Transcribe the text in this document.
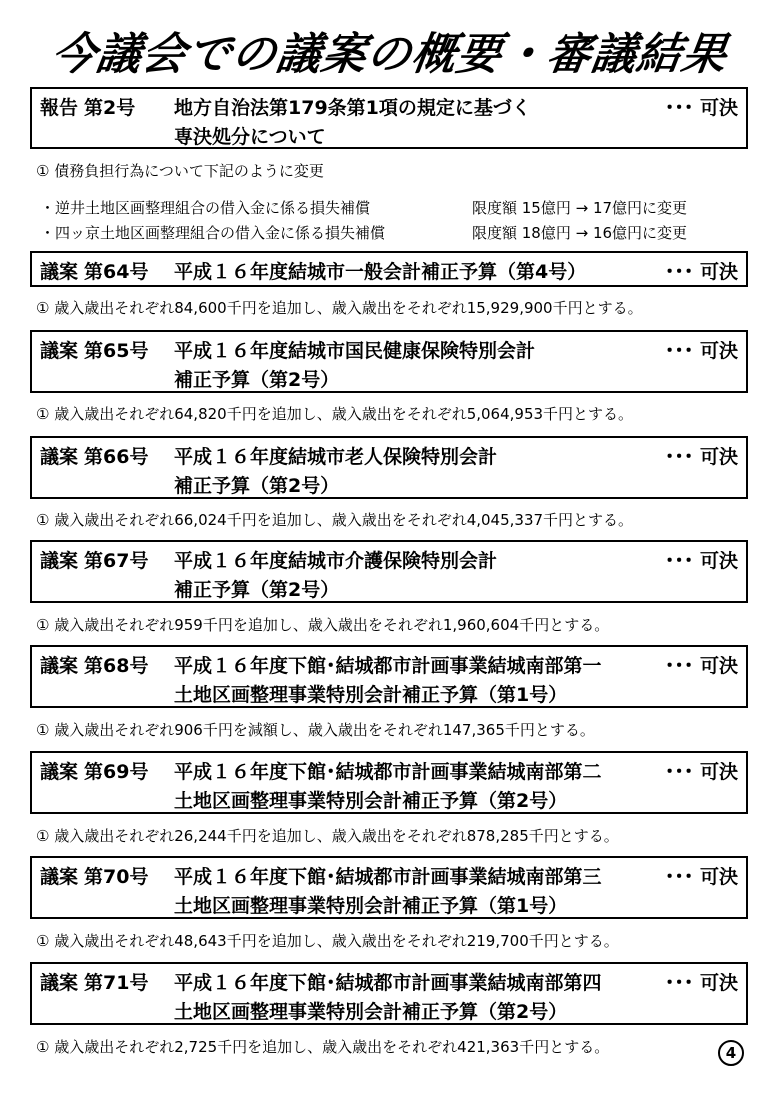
今議会での議案の概要・審議結果
報告 第2号 地方自治法第179条第1項の規定に基づく
専決処分について
･･･ 可決
① 債務負担行為について下記のように変更
・逆井土地区画整理組合の借入金に係る損失補償	限度額 15億円 → 17億円に変更
・四ッ京土地区画整理組合の借入金に係る損失補償	限度額 18億円 → 16億円に変更
議案 第64号 平成１６年度結城市一般会計補正予算（第4号）	･･･ 可決
① 歳入歳出それぞれ84,600千円を追加し、歳入歳出をそれぞれ15,929,900千円とする。
議案 第65号 平成１６年度結城市国民健康保険特別会計
補正予算（第2号）
･･･ 可決
① 歳入歳出それぞれ64,820千円を追加し、歳入歳出をそれぞれ5,064,953千円とする。
議案 第66号 平成１６年度結城市老人保険特別会計
補正予算（第2号）
･･･ 可決
① 歳入歳出それぞれ66,024千円を追加し、歳入歳出をそれぞれ4,045,337千円とする。
議案 第67号 平成１６年度結城市介護保険特別会計
補正予算（第2号）
･･･ 可決
① 歳入歳出それぞれ959千円を追加し、歳入歳出をそれぞれ1,960,604千円とする。
議案 第68号 平成１６年度下館･結城都市計画事業結城南部第一
土地区画整理事業特別会計補正予算（第1号）
･･･ 可決
① 歳入歳出それぞれ906千円を減額し、歳入歳出をそれぞれ147,365千円とする。
議案 第69号 平成１６年度下館･結城都市計画事業結城南部第二
土地区画整理事業特別会計補正予算（第2号）
･･･ 可決
① 歳入歳出それぞれ26,244千円を追加し、歳入歳出をそれぞれ878,285千円とする。
議案 第70号 平成１６年度下館･結城都市計画事業結城南部第三
土地区画整理事業特別会計補正予算（第1号）
･･･ 可決
① 歳入歳出それぞれ48,643千円を追加し、歳入歳出をそれぞれ219,700千円とする。
議案 第71号 平成１６年度下館･結城都市計画事業結城南部第四
土地区画整理事業特別会計補正予算（第2号）
･･･ 可決
① 歳入歳出それぞれ2,725千円を追加し、歳入歳出をそれぞれ421,363千円とする。	4
